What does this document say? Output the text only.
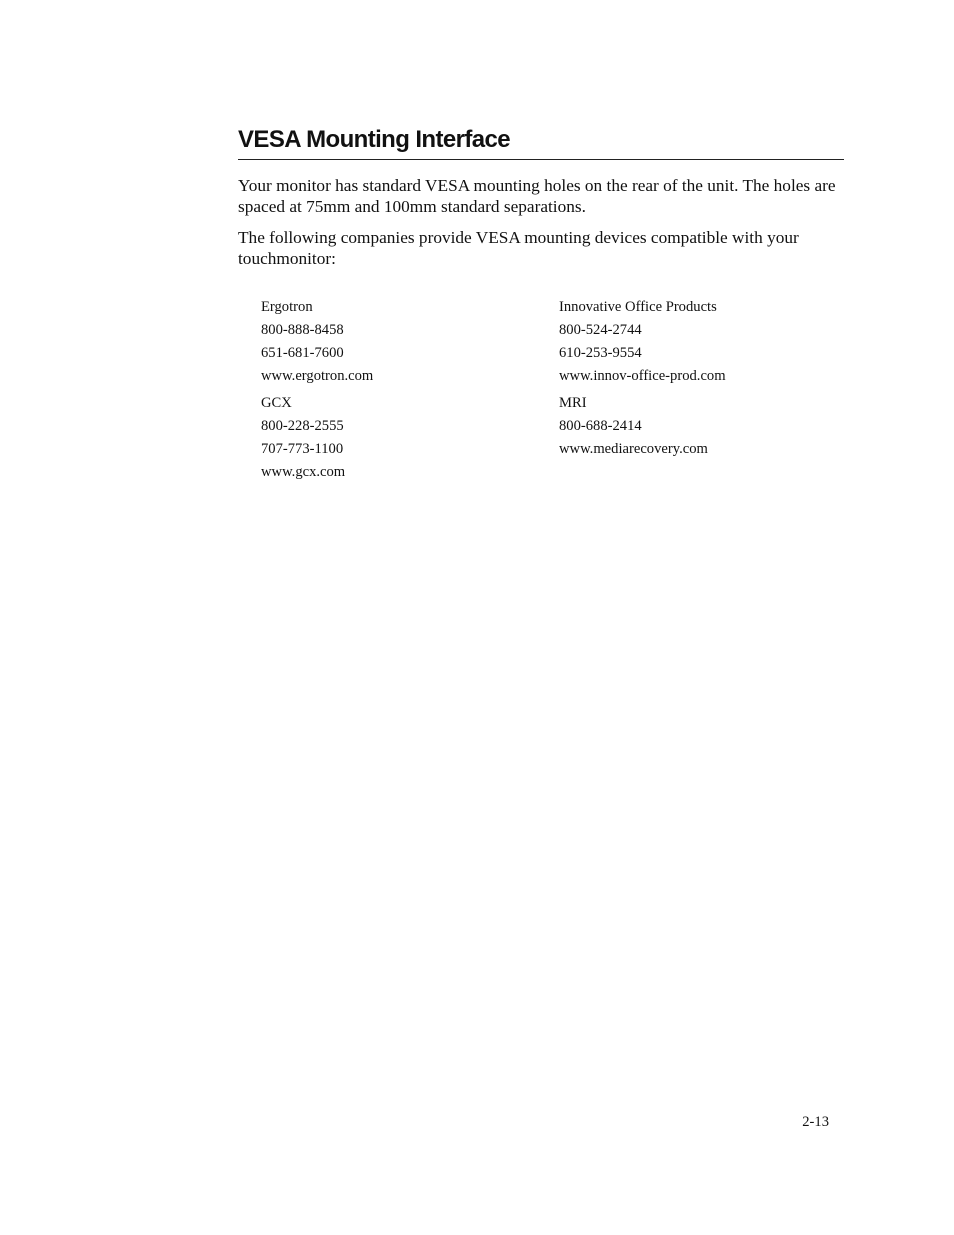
VESA Mounting Interface

Your monitor has standard VESA mounting holes on the rear of the unit. The holes are spaced at 75mm and 100mm standard separations.

The following companies provide VESA mounting devices compatible with your touchmonitor:

Ergotron
800-888-8458
651-681-7600
www.ergotron.com
Innovative Office Products
800-524-2744
610-253-9554
www.innov-office-prod.com
GCX
800-228-2555
707-773-1100
www.gcx.com
MRI
800-688-2414
www.mediarecovery.com
2-13
